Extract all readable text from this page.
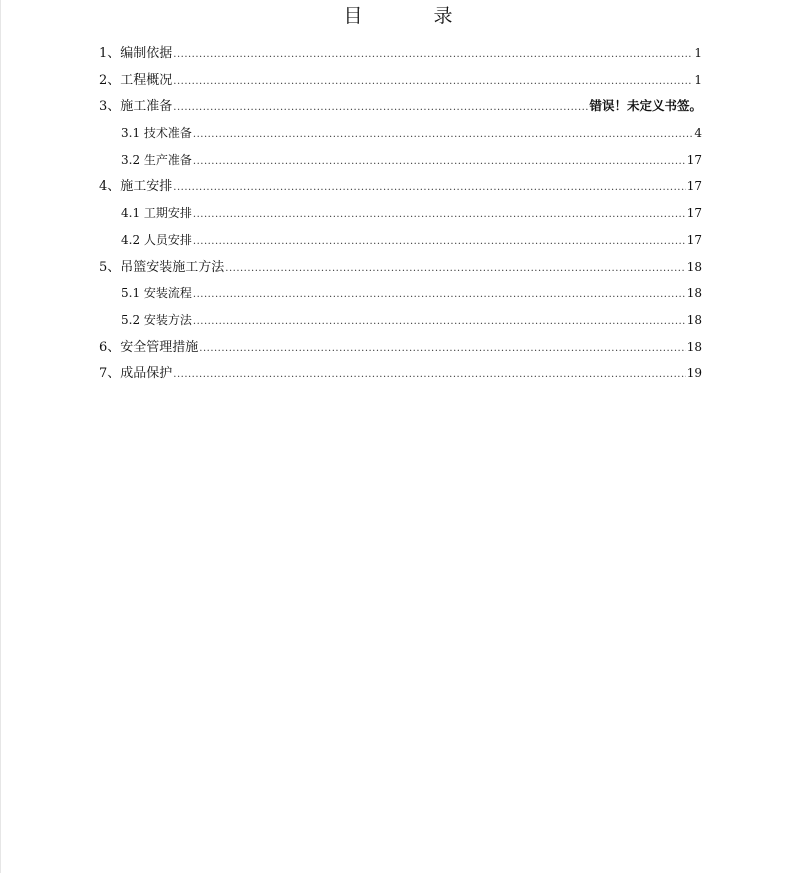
目　录
1、编制依据 .....	1
2、工程概况 .....	1
3、施工准备 .....	错误！未定义书签。
3.1 技术准备 .....	4
3.2 生产准备 .....	17
4、施工安排 .....	17
4.1 工期安排 .....	17
4.2 人员安排 .....	17
5、吊篮安装施工方法 .....	18
5.1 安装流程 .....	18
5.2 安装方法 .....	18
6、安全管理措施 .....	18
7、成品保护 .....	19
